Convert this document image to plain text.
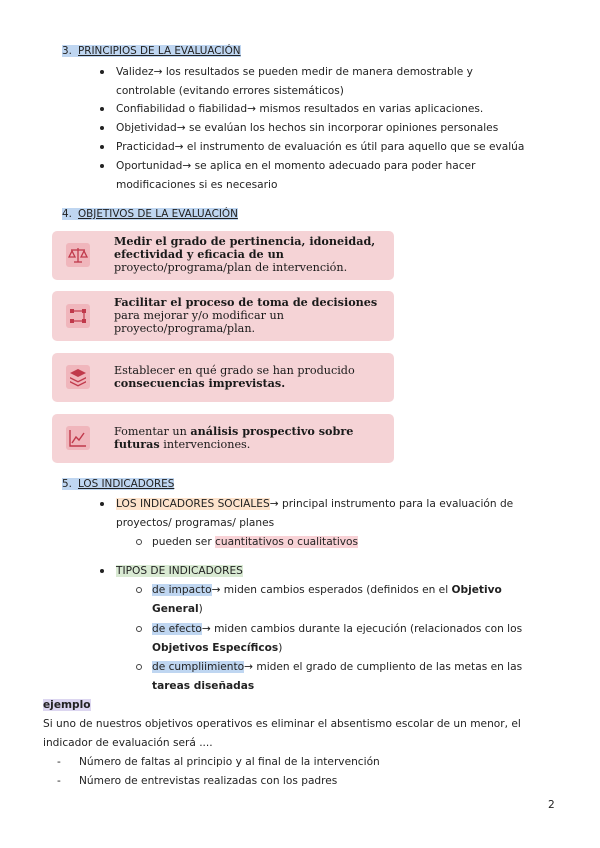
3. PRINCIPIOS DE LA EVALUACIÓN
Validez→ los resultados se pueden medir de manera demostrable y
controlable (evitando errores sistemáticos)
Confiabilidad o fiabilidad→ mismos resultados en varias aplicaciones.
Objetividad→ se evalúan los hechos sin incorporar opiniones personales
Practicidad→ el instrumento de evaluación es útil para aquello que se evalúa
Oportunidad→ se aplica en el momento adecuado para poder hacer
modificaciones si es necesario
4. OBJETIVOS DE LA EVALUACIÓN
Medir el grado de pertinencia, idoneidad,
efectividad y eficacia de un
proyecto/programa/plan de intervención.
Facilitar el proceso de toma de decisiones
para mejorar y/o modificar un
proyecto/programa/plan.
Establecer en qué grado se han producido
consecuencias imprevistas.
Fomentar un análisis prospectivo sobre
futuras intervenciones.
5. LOS INDICADORES
LOS INDICADORES SOCIALES→ principal instrumento para la evaluación de
proyectos/ programas/ planes
pueden ser cuantitativos o cualitativos
TIPOS DE INDICADORES
de impacto→ miden cambios esperados (definidos en el Objetivo
General)
de efecto→ miden cambios durante la ejecución (relacionados con los
Objetivos Específicos)
de cumpliimiento→ miden el grado de cumpliento de las metas en las
tareas diseñadas
ejemplo
Si uno de nuestros objetivos operativos es eliminar el absentismo escolar de un menor, el
indicador de evaluación será ....
- Número de faltas al principio y al final de la intervención
- Número de entrevistas realizadas con los padres
2
